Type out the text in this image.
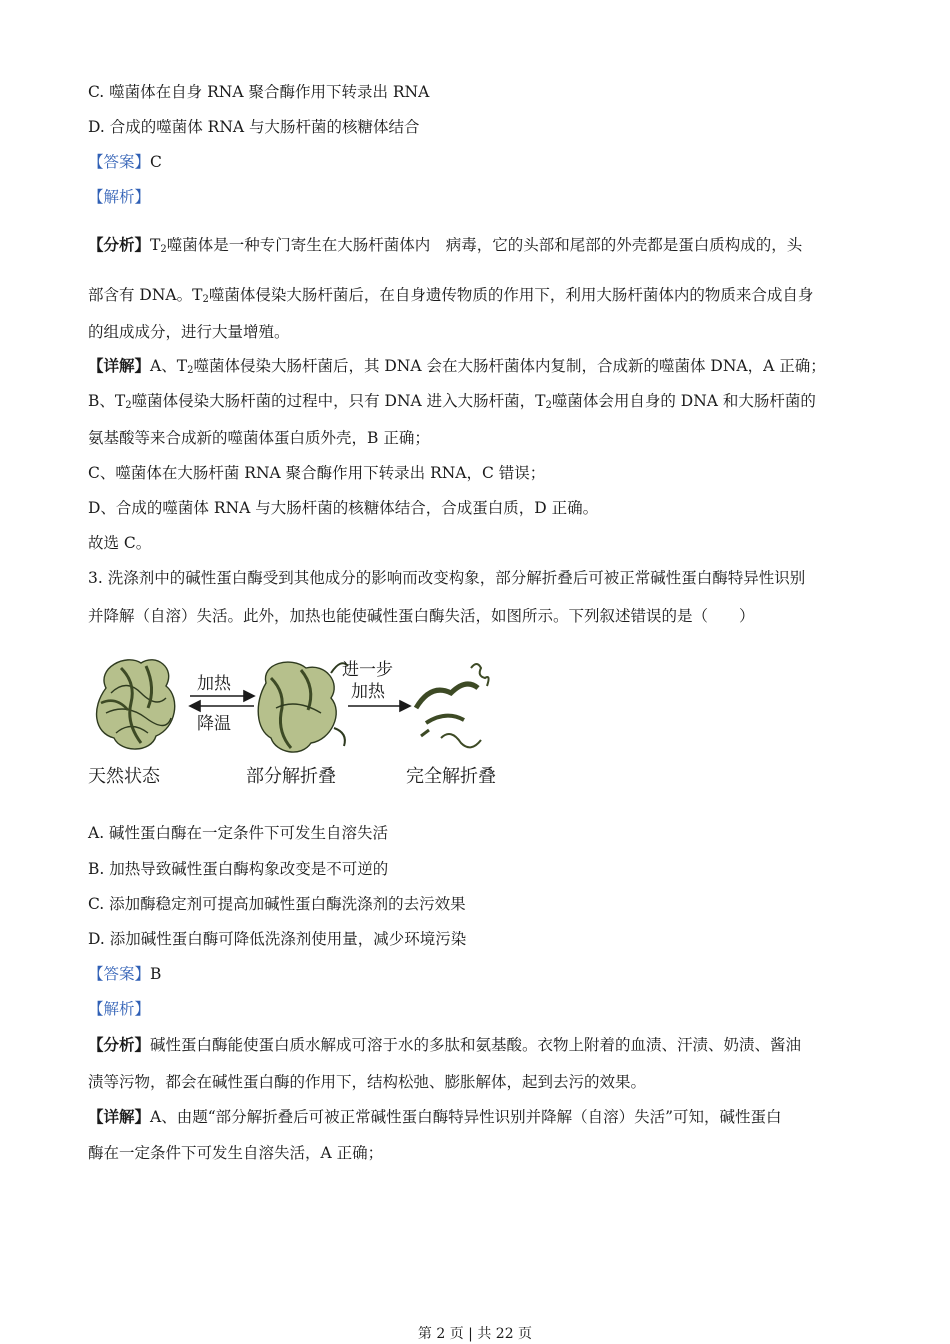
C. 噬菌体在自身 RNA 聚合酶作用下转录出 RNA
D. 合成的噬菌体 RNA 与大肠杆菌的核糖体结合
【答案】C
【解析】
【分析】$T_2$噬菌体是一种专门寄生在大肠杆菌体内　病毒，它的头部和尾部的外壳都是蛋白质构成的，头
部含有 DNA。$T_2$噬菌体侵染大肠杆菌后，在自身遗传物质的作用下，利用大肠杆菌体内的物质来合成自身
的组成成分，进行大量增殖。
【详解】A、$T_2$噬菌体侵染大肠杆菌后，其 DNA 会在大肠杆菌体内复制，合成新的噬菌体 DNA，A 正确；
B、$T_2$噬菌体侵染大肠杆菌的过程中，只有 DNA 进入大肠杆菌，$T_2$噬菌体会用自身的 DNA 和大肠杆菌的
氨基酸等来合成新的噬菌体蛋白质外壳，B 正确；
C、噬菌体在大肠杆菌 RNA 聚合酶作用下转录出 RNA，C 错误；
D、合成的噬菌体 RNA 与大肠杆菌的核糖体结合，合成蛋白质，D 正确。
故选 C。
3. 洗涤剂中的碱性蛋白酶受到其他成分的影响而改变构象，部分解折叠后可被正常碱性蛋白酶特异性识别
并降解（自溶）失活。此外，加热也能使碱性蛋白酶失活，如图所示。下列叙述错误的是（　　）
加热
降温
进一步
加热
天然状态	部分解折叠	完全解折叠
A. 碱性蛋白酶在一定条件下可发生自溶失活
B. 加热导致碱性蛋白酶构象改变是不可逆的
C. 添加酶稳定剂可提高加碱性蛋白酶洗涤剂的去污效果
D. 添加碱性蛋白酶可降低洗涤剂使用量，减少环境污染
【答案】B
【解析】
【分析】碱性蛋白酶能使蛋白质水解成可溶于水的多肽和氨基酸。衣物上附着的血渍、汗渍、奶渍、酱油
渍等污物，都会在碱性蛋白酶的作用下，结构松弛、膨胀解体，起到去污的效果。
【详解】A、由题“部分解折叠后可被正常碱性蛋白酶特异性识别并降解（自溶）失活”可知，碱性蛋白
酶在一定条件下可发生自溶失活，A 正确；
第 2 页 | 共 22 页
